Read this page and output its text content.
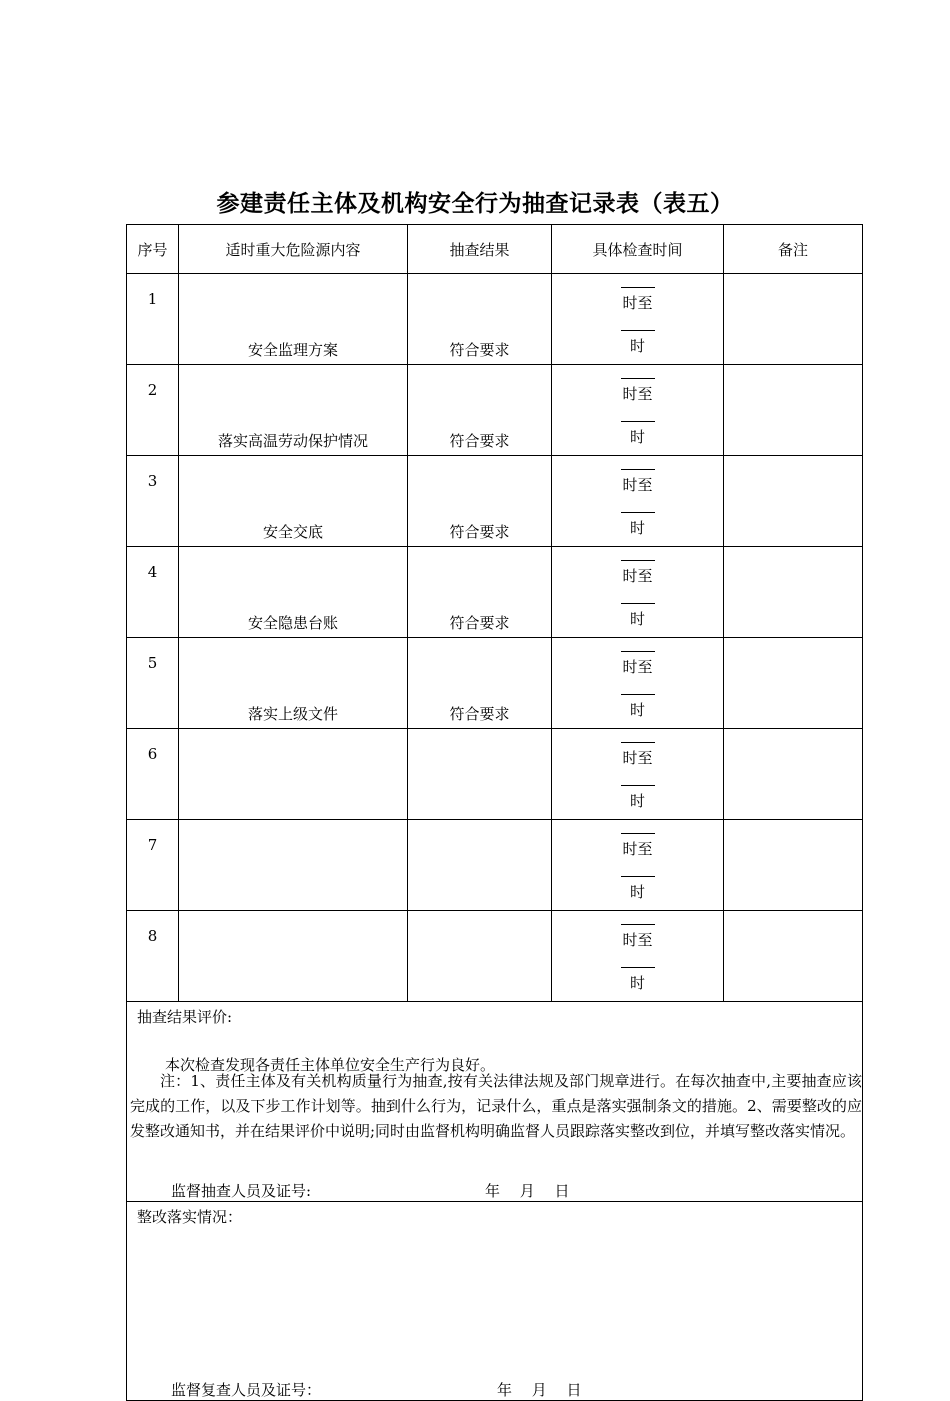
参建责任主体及机构安全行为抽查记录表（表五）
序号	适时重大危险源内容	抽查结果	具体检查时间	备注

1	安全监理方案	符合要求	时至
时	

2	落实高温劳动保护情况	符合要求	时至
时	

3	安全交底	符合要求	时至
时	

4	安全隐患台账	符合要求	时至
时	

5	落实上级文件	符合要求	时至
时	

6			时至
时	

7			时至
时	

8			时至
时	

抽查结果评价:
本次检查发现各责任主体单位安全生产行为良好。
监督抽查人员及证号: 年　 月　 日				

整改落实情况：
监督复查人员及证号： 年　 月　 日				
注：1、责任主体及有关机构质量行为抽查,按有关法律法规及部门规章进行。在每次抽查中,主要抽查应该完成的工作，以及下步工作计划等。抽到什么行为，记录什么，重点是落实强制条文的措施。2、需要整改的应发整改通知书，并在结果评价中说明;同时由监督机构明确监督人员跟踪落实整改到位，并填写整改落实情况。
